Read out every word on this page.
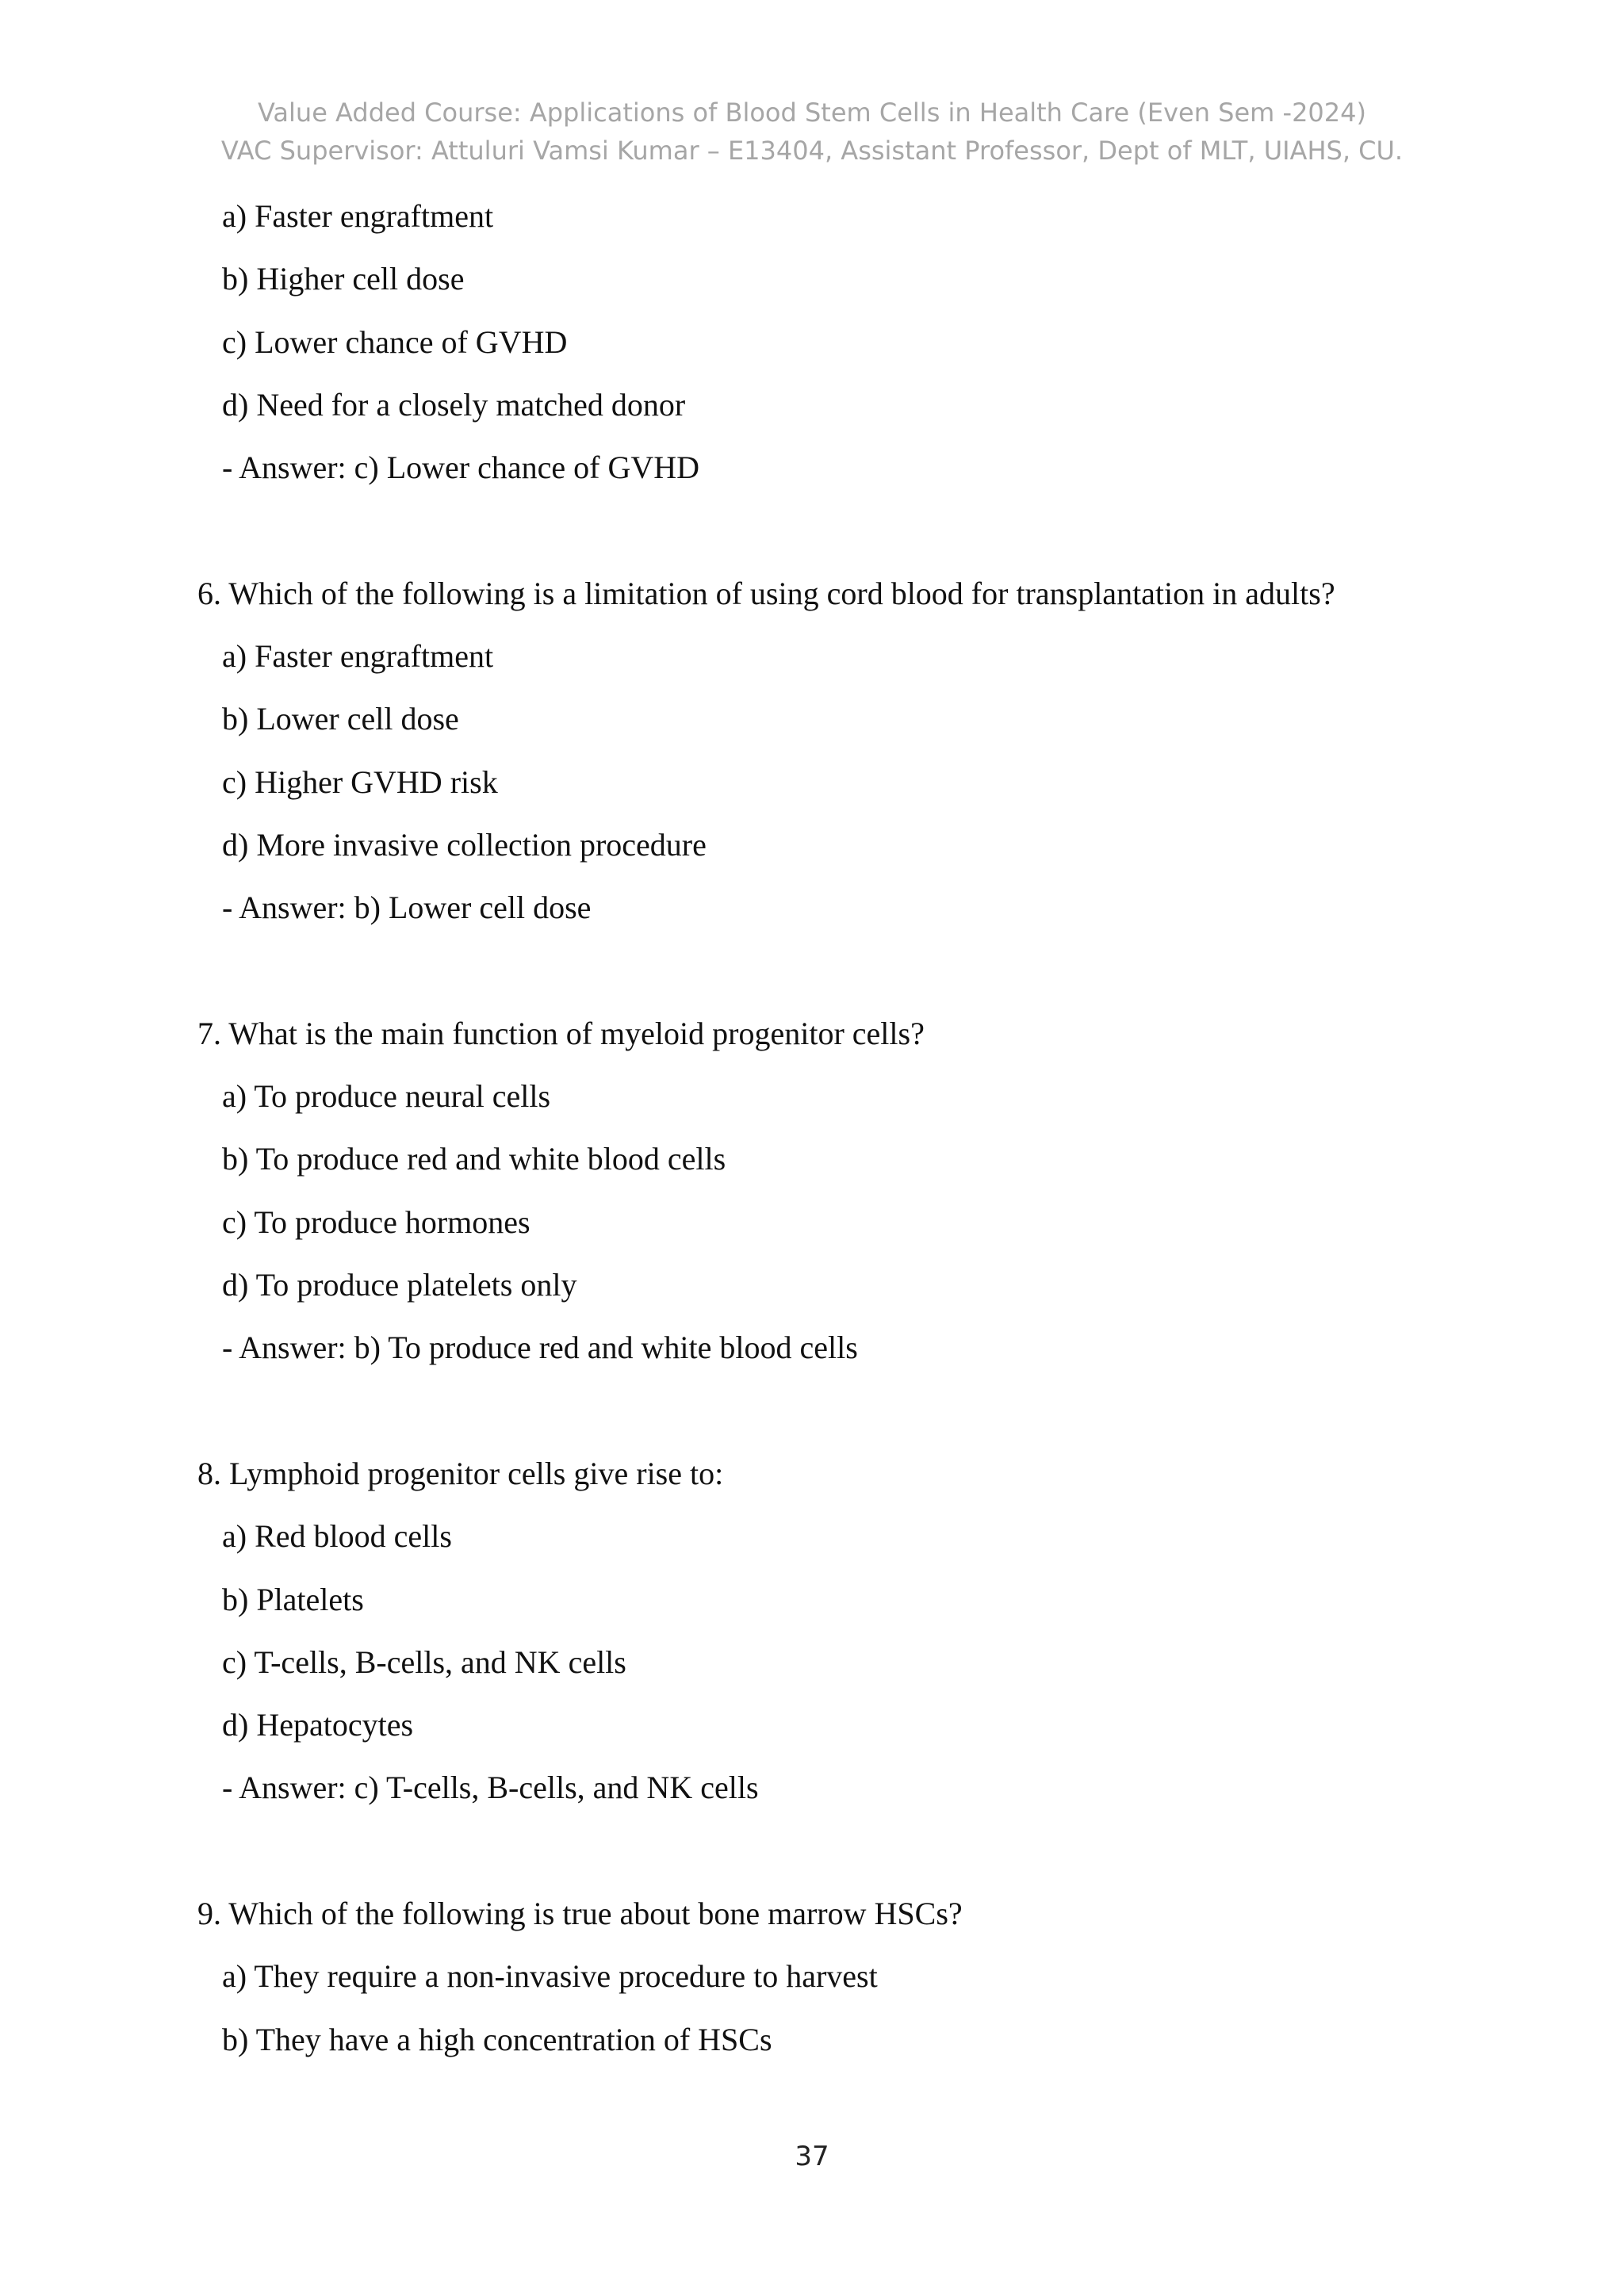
Value Added Course: Applications of Blood Stem Cells in Health Care (Even Sem -2024)
VAC Supervisor: Attuluri Vamsi Kumar – E13404, Assistant Professor, Dept of MLT, UIAHS, CU.
a) Faster engraftment
b) Higher cell dose
c) Lower chance of GVHD
d) Need for a closely matched donor
- Answer: c) Lower chance of GVHD
6. Which of the following is a limitation of using cord blood for transplantation in adults?
a) Faster engraftment
b) Lower cell dose
c) Higher GVHD risk
d) More invasive collection procedure
- Answer: b) Lower cell dose
7. What is the main function of myeloid progenitor cells?
a) To produce neural cells
b) To produce red and white blood cells
c) To produce hormones
d) To produce platelets only
- Answer: b) To produce red and white blood cells
8. Lymphoid progenitor cells give rise to:
a) Red blood cells
b) Platelets
c) T-cells, B-cells, and NK cells
d) Hepatocytes
- Answer: c) T-cells, B-cells, and NK cells
9. Which of the following is true about bone marrow HSCs?
a) They require a non-invasive procedure to harvest
b) They have a high concentration of HSCs
37
